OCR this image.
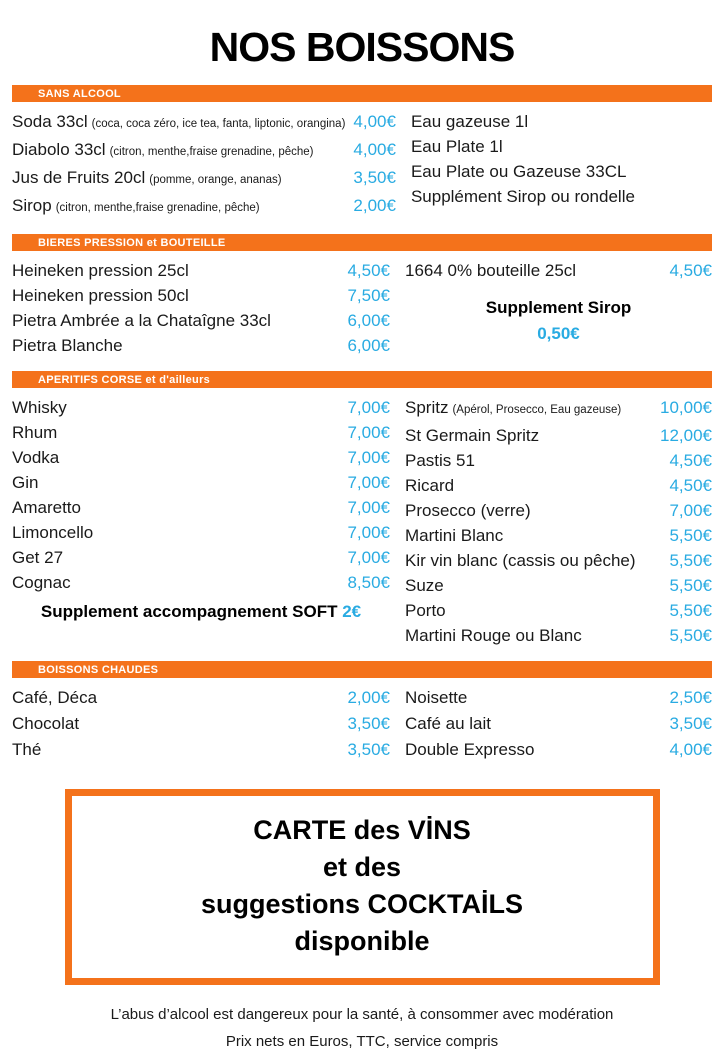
NOS BOISSONS
SANS ALCOOL
Soda 33cl (coca, coca zéro, ice tea, fanta, liptonic, orangina) 4,00€
Diabolo 33cl (citron, menthe,fraise grenadine, pêche) 4,00€
Jus de Fruits 20cl (pomme, orange, ananas)	3,50€
Sirop (citron, menthe,fraise grenadine, pêche)	2,00€
Eau gazeuse 1l
Eau Plate 1l
Eau Plate ou Gazeuse 33CL
Supplément Sirop ou rondelle
BIERES PRESSION et BOUTEILLE
Heineken pression 25cl	4,50€
Heineken pression 50cl	7,50€
Pietra Ambrée a la Chataîgne 33cl	6,00€
Pietra Blanche	6,00€
1664 0% bouteille 25cl	4,50€
Supplement Sirop
0,50€
APERITIFS CORSE et d'ailleurs
Whisky	7,00€
Rhum	7,00€
Vodka	7,00€
Gin	7,00€
Amaretto	7,00€
Limoncello	7,00€
Get 27	7,00€
Cognac	8,50€
Supplement accompagnement SOFT 2€
Spritz (Apérol, Prosecco, Eau gazeuse) 10,00€
St Germain Spritz	12,00€
Pastis 51	4,50€
Ricard	4,50€
Prosecco (verre)	7,00€
Martini Blanc	5,50€
Kir vin blanc (cassis ou pêche) 5,50€
Suze	5,50€
Porto	5,50€
Martini Rouge ou Blanc	5,50€
BOISSONS CHAUDES
Café, Déca	2,00€
Chocolat	3,50€
Thé	3,50€
Noisette	2,50€
Café au lait	3,50€
Double Expresso	4,00€
CARTE des VİNS
et des
suggestions COCKTAİLS
disponible
L’abus d’alcool est dangereux pour la santé, à consommer avec modération
Prix nets en Euros, TTC, service compris
